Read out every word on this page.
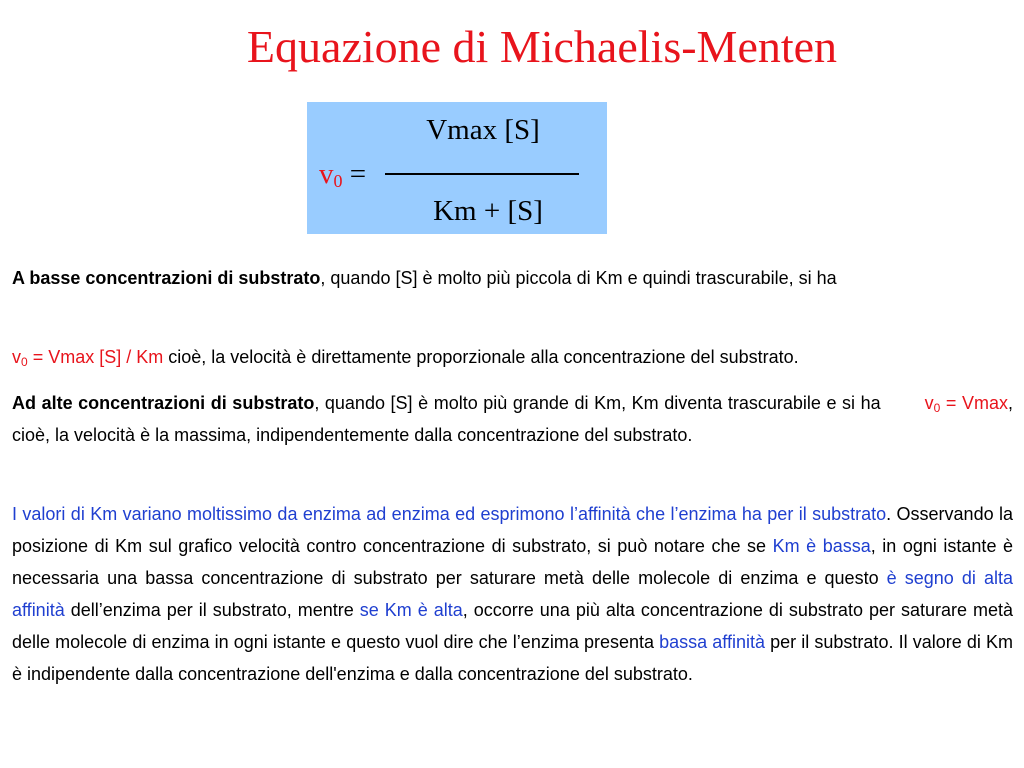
Equazione di Michaelis-Menten
Vmax [S]
$v_0$ =
Km + [S]
A basse concentrazioni di substrato, quando [S] è molto più piccola di Km e quindi trascurabile, si ha
$v_0 = Vmax$ [S] / Km cioè, la velocità è direttamente proporzionale alla concentrazione del substrato.
Ad alte concentrazioni di substrato, quando [S] è molto più grande di Km, Km diventa trascurabile e si ha $v_0 = Vmax$, cioè, la velocità è la massima, indipendentemente dalla concentrazione del substrato.
I valori di Km variano moltissimo da enzima ad enzima ed esprimono l’affinità che l’enzima ha per il substrato. Osservando la posizione di Km sul grafico velocità contro concentrazione di substrato, si può notare che se Km è bassa, in ogni istante è necessaria una bassa concentrazione di substrato per saturare metà delle molecole di enzima e questo è segno di alta affinità dell’enzima per il substrato, mentre se Km è alta, occorre una più alta concentrazione di substrato per saturare metà delle molecole di enzima in ogni istante e questo vuol dire che l’enzima presenta bassa affinità per il substrato. Il valore di Km è indipendente dalla concentrazione dell'enzima e dalla concentrazione del substrato.
